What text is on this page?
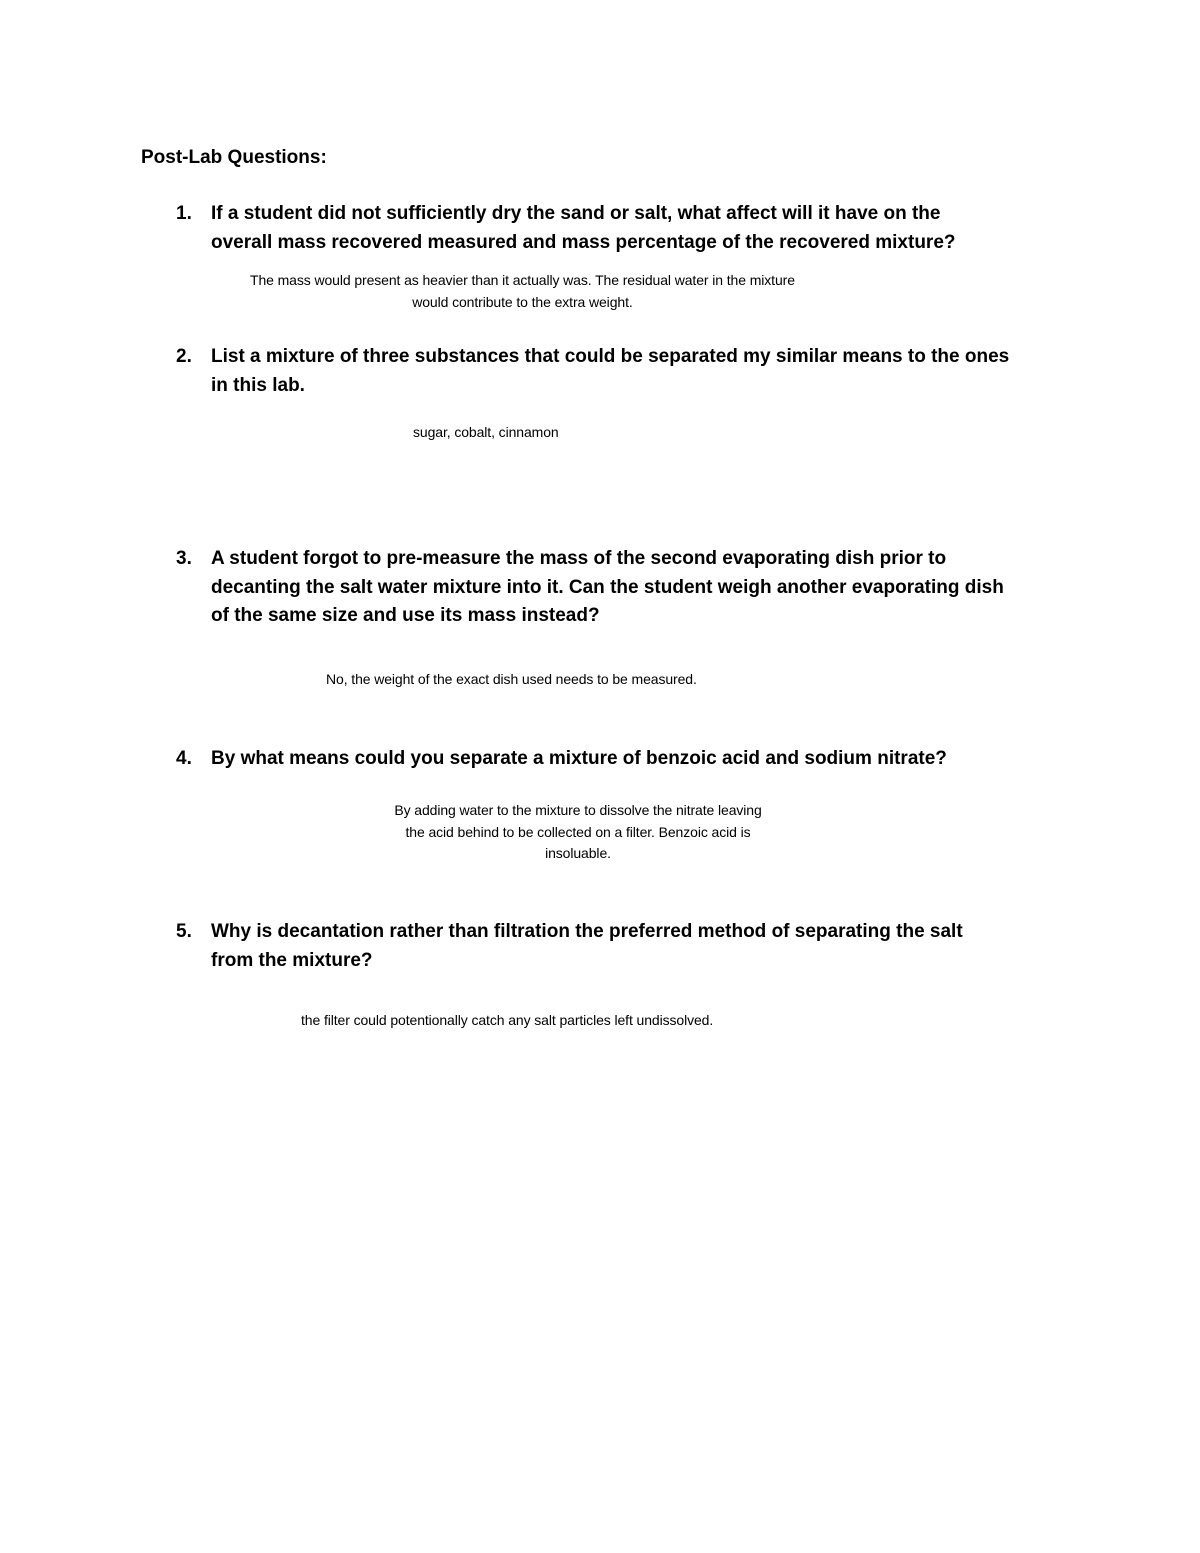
Post-Lab Questions:
1.	If a student did not sufficiently dry the sand or salt, what affect will it have on the
overall mass recovered measured and mass percentage of the recovered mixture?
The mass would present as heavier than it actually was. The residual water in the mixture
would contribute to the extra weight.
2.	List a mixture of three substances that could be separated my similar means to the ones
in this lab.
sugar, cobalt, cinnamon
3.	A student forgot to pre-measure the mass of the second evaporating dish prior to
decanting the salt water mixture into it. Can the student weigh another evaporating dish
of the same size and use its mass instead?
No, the weight of the exact dish used needs to be measured.
4.	By what means could you separate a mixture of benzoic acid and sodium nitrate?
By adding water to the mixture to dissolve the nitrate leaving
the acid behind to be collected on a filter. Benzoic acid is
insoluable.
5.	Why is decantation rather than filtration the preferred method of separating the salt
from the mixture?
the filter could potentionally catch any salt particles left undissolved.
